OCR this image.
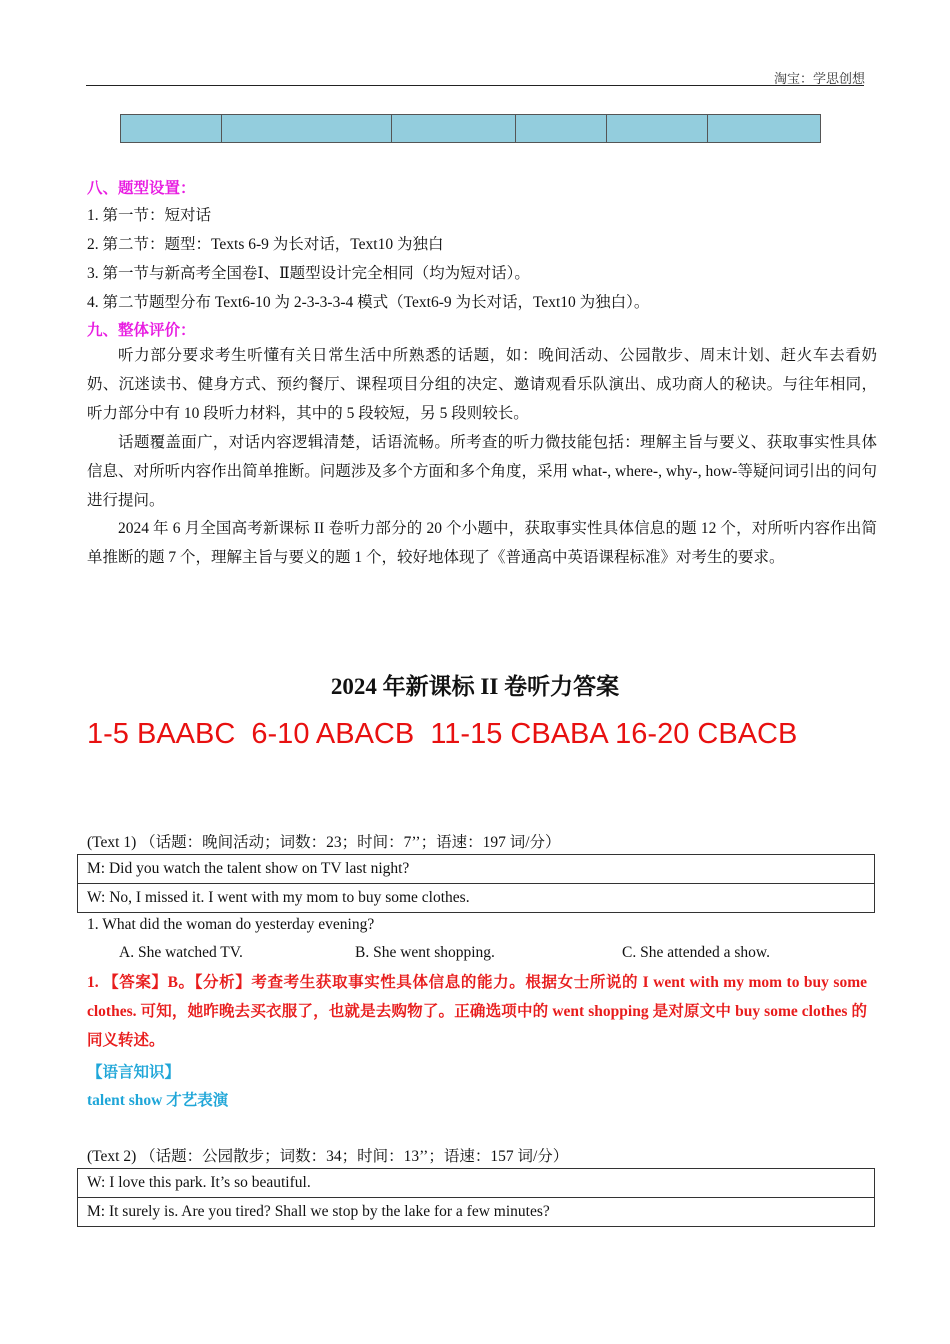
淘宝：学思创想

八、题型设置：
1. 第一节：短对话
2. 第二节：题型：Texts 6-9 为长对话，Text10 为独白
3. 第一节与新高考全国卷Ⅰ、Ⅱ题型设计完全相同（均为短对话）。
4. 第二节题型分布 Text6-10 为 2-3-3-3-4 模式（Text6-9 为长对话，Text10 为独白）。
九、整体评价：
听力部分要求考生听懂有关日常生活中所熟悉的话题，如：晚间活动、公园散步、周末计划、赶火车去看奶奶、沉迷读书、健身方式、预约餐厅、课程项目分组的决定、邀请观看乐队演出、成功商人的秘诀。与往年相同，听力部分中有 10 段听力材料，其中的 5 段较短，另 5 段则较长。
话题覆盖面广，对话内容逻辑清楚，话语流畅。所考查的听力微技能包括：理解主旨与要义、获取事实性具体信息、对所听内容作出简单推断。问题涉及多个方面和多个角度，采用 what-, where-, why-, how-等疑问词引出的问句进行提问。
2024 年 6 月全国高考新课标 II 卷听力部分的 20 个小题中，获取事实性具体信息的题 12 个，对所听内容作出简单推断的题 7 个，理解主旨与要义的题 1 个，较好地体现了《普通高中英语课程标准》对考生的要求。
2024 年新课标 II 卷听力答案
1-5 BAABC  6-10 ABACB  11-15 CBABA 16-20 CBACB
(Text 1) （话题：晚间活动；词数：23；时间：7’’；语速：197 词/分）
M: Did you watch the talent show on TV last night?
W: No, I missed it. I went with my mom to buy some clothes.
1. What did the woman do yesterday evening?
A. She watched TV.	B. She went shopping.	C. She attended a show.
1. 【答案】B。【分析】考查考生获取事实性具体信息的能力。根据女士所说的 I went with my mom to buy some clothes. 可知，她昨晚去买衣服了，也就是去购物了。正确选项中的 went shopping 是对原文中 buy some clothes 的同义转述。
【语言知识】
talent show 才艺表演
(Text 2) （话题：公园散步；词数：34；时间：13’’；语速：157 词/分）
W: I love this park. It’s so beautiful.
M: It surely is. Are you tired? Shall we stop by the lake for a few minutes?
